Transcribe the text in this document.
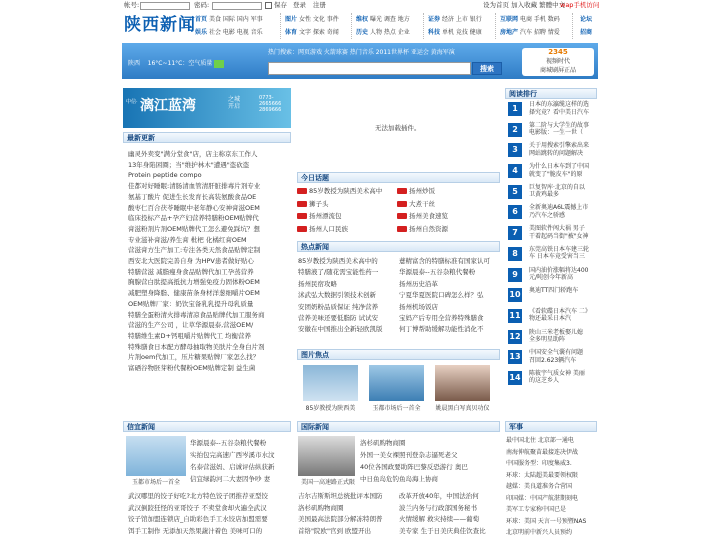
帐号:	密码:	保存 登录 注册	设为首页 加入收藏 繁體中文
wap手机访问
陕西新闻 首页 美食 国际 国内 军事
娱乐 社会 电影 电视 音乐
图片 女性 文化 事件
体育 文字 探索 奇闻
维权 曝光 调查 地方
历史 人物 热点 企业
证券 经济 上市 银行
科技 单机 竞技 健康
互联网 电商 手机 数码
房地产 汽车 招聘 情爱
论坛
招商
陕西 16°C~11°C：空气质量
热门搜索：网页游戏 火箭球赛 热门音乐 2011世界杯 亚运会 黄海军演
搜索
2345
视频时代
商城刷屏正品
中信· 漓江蓝湾	之城
开启
0773-
2665666
2869666
无法加载插件。
最新更新
幽灵外卖变"满分堂食"店，店主称京东工作人
13年身陷困圈；当"维护林木"遭遇"盗砍盗
Protein peptide compo
佳都对好睡眠:清肠清血管清肝脏排毒片剂专业
氨基丁酸片 促进生长发育长高装氨酸食品OE
酸枣仁百合茯苓睡眠中老年静心安神膏滋OEM
临床投标产品+孕产妇营养特膳粉OEM贴牌代
膏滋粉剂片剂OEM贴牌代工怎么避免踩坑？想
专业滋补膏滋/养生膏 枇杷 化橘红膏OEM
营滋膏方生产加工:专注各类天然食品贴牌定制
西安北大医院完善自身 为HPV患者做好贴心
特膳营滋 减脂瘦身食品贴牌代加工孕蒸营养
胸腺营白肽提高抵抗力增强免疫力固体粉OEM
减肥塑身降脂、健康苗条身材洋葱细嚼片OEM
OEM贴牌厂家：奶饮宝备乳乳提升母乳质量
特膳全蛋粉清火排毒清凉食品贴牌代加工服务商
营滋的生产公司 ，让草华源晨泰,营滋OEM/
特膳维生素D+钙咀嚼片贴牌代工 均衡营养
特殊膳食日本配方酵母抽取物美肤片全身白片剂
片剂oem代加工，压片糖果贴牌厂家怎么找？
富硒谷物胚芽粉代餐粉OEM贴牌定制 益生菌
今日话题
85岁教授为陕西美术高中
狮子头
扬州漂流包
扬州人口民族
扬州炒饭
大煮干丝
扬州美食速览
扬州自然资源
热点新闻
85岁教授为陕西美术高中的
特膳液了/随花需宝能性药一
扬州民宿攻略
沭武弘大数据引领技术创新
安团奶粉品质保证 纯净营养
营养美味还要低脂防 试试安
安徽在中国推出全新轻欧凯版
薏精富含的特膳标准有国家认可
华源晨泰--五谷杂粮代餐粉
扬州历史沿革
宁夏华夏医院口碑怎么样？弘
扬州机场饭店
宝妈产后专用全营养特殊膳食
何丁博帮助缓解功能性消化不
图片焦点
85岁教授为陕西美	玉都市场后一首全	姚晨黑白写真贝功仪
阅读排行
1	日本的东瀛缆这样的选择究竟？看中美日汽车
2	第二阶与大学生的故事电影版：一生一世（
3	关于用搜索引擎索出来网站跳转的问题解决
4	为什么日本车到了中国就变了"脆皮车"的原
5	巨复智库·北京的自以卫黄鸡最多
6	全新奥迪A6L震撼上市 乃汽车之骄感
7	美图软件闯大祸 男子干着起码当街"被"女神
8	东莞高铁日本车建三轮车 日本车竟受害当三
9	国内油价涨幅将达400元/吨创今年新高
10 奥迪TT四门轿跑车
11 《看软碟日本汽车 二》物还最采日本汽
12 陕山三米老板娶儿媳 全多明星助阵
13 中国安全气囊有问题 召回2.623辆汽车
14 陈筱宇气质女神 美丽的这芝乡人
信宜新闻
玉都市场后一首全
华源晨泰--五谷杂粮代餐粉
实拍包完高速广西岑溪市水汶
名泰营滋妈、启诚评估纵获新
信宜绿韵河二大妻因争吵 妻
武汉哪里的饺子好吃?北方特色饺子团推荐亚型饺
武汉倒跤狂怪的亚哥饺子 不卖堂食却火遍全武汉
饺子馆加盟连锁店_自助彩色手工水饺店加盟需要
饵手工制作 无添加天然果蔬汁着色 美味可口的
国际新闻
美国一高速路正式限
洛杉矶购物商圈
外国一美女裸照刊登杂志逼死老父
40位各国政要助阵巴黎反恐游行 奥巴
中日鱼岛危钓鱼岛海上协商
吉尔吉斯斯坦总统批评本国防
洛杉矶购物商圈
美国最高法院部分解冻特朗普
首络"院欧"官到 欧盟开出
改革开放40年，中国法治何
波兰内务与行政部国务秘书
火情缓解 救灾持续——葡萄
美专家 生于日美庆典佳饮查比
军事
最中国北住 北京部一通电
南海伸航聚苗最接连决伊战
中国服务型：印度集威3.
环球：太陆超美最要领权限
越媒：美良道准务合营国
印国媒：中国产航湛期刻电
美军工专家称中国已是
环球：美国 天言一号预暨NAS
北京明前中新兴人员预约
